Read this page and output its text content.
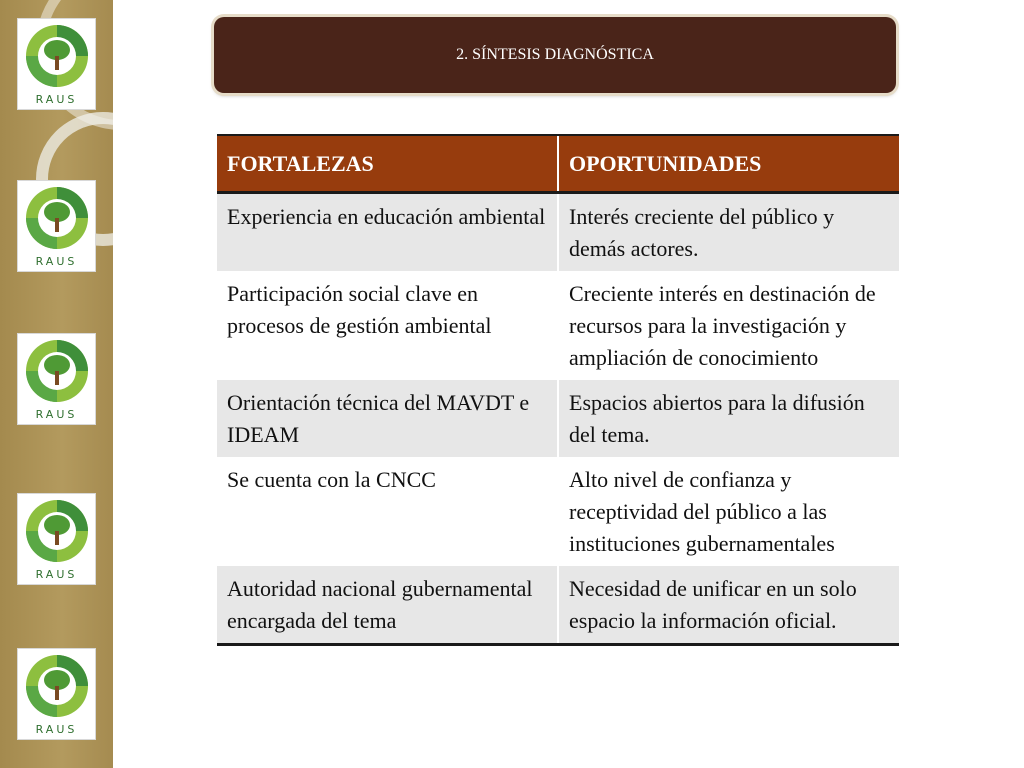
RAUS
RAUS
RAUS
RAUS
RAUS
2. SÍNTESIS DIAGNÓSTICA
FORTALEZAS	OPORTUNIDADES
Experiencia en educación ambiental	Interés creciente del público y demás actores.
Participación social clave en procesos de gestión ambiental	Creciente interés en destinación de recursos para la investigación y ampliación de conocimiento
Orientación técnica del MAVDT e IDEAM	Espacios abiertos para la difusión del tema.
Se cuenta con la CNCC	Alto nivel de confianza y receptividad del público a las instituciones gubernamentales
Autoridad nacional gubernamental encargada del tema	Necesidad de unificar en un solo espacio la información oficial.
